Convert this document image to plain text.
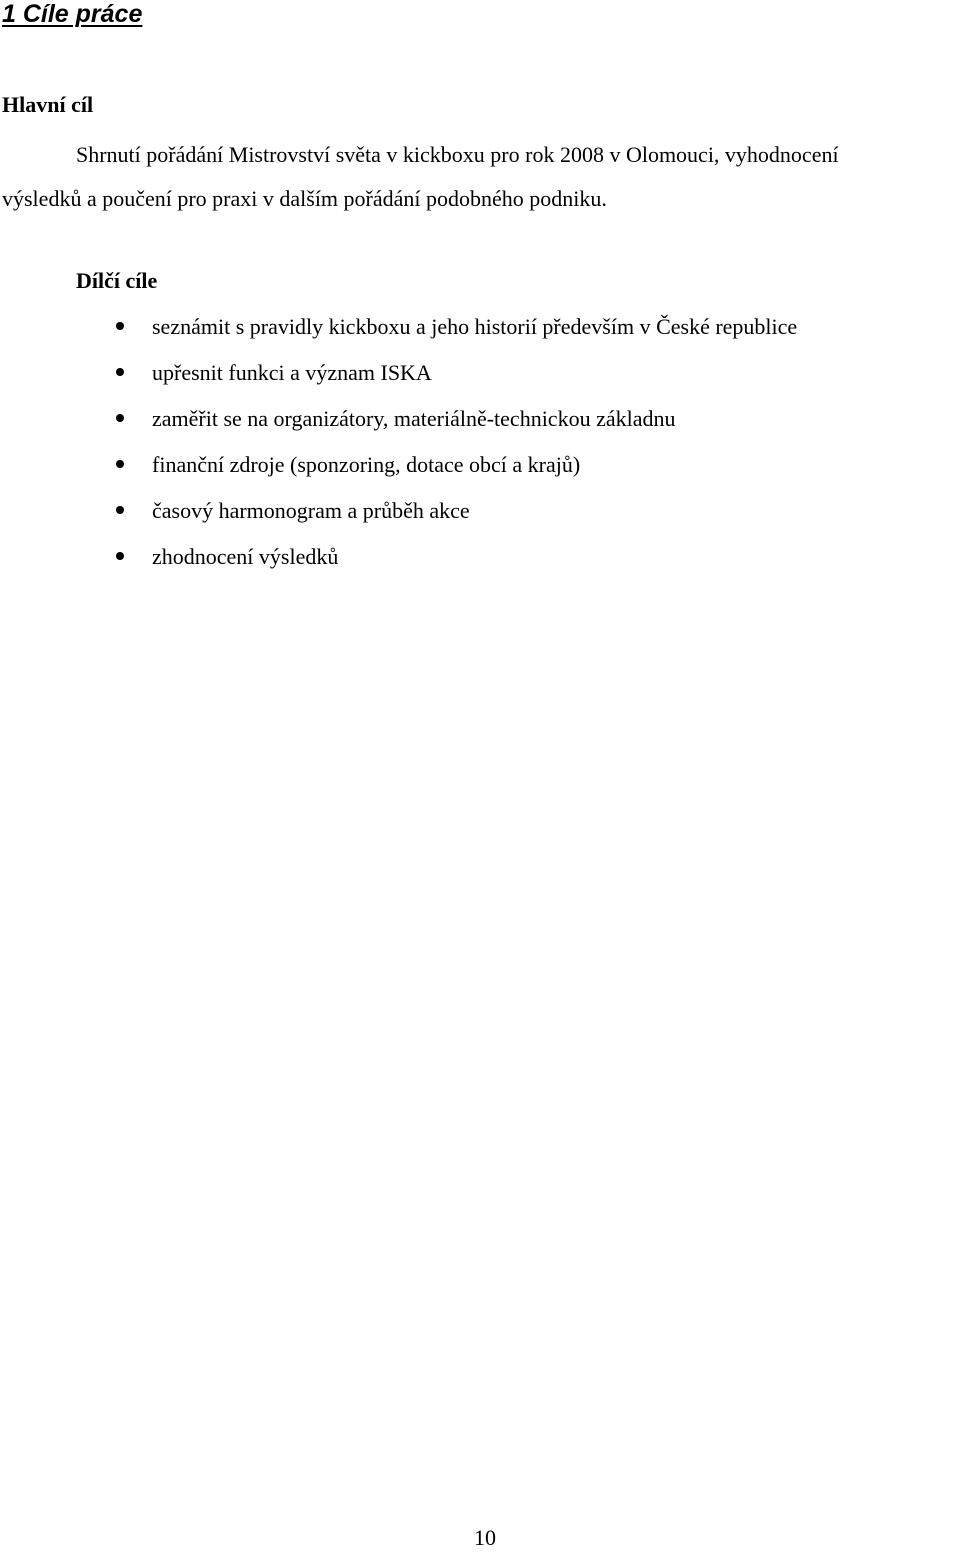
1 Cíle práce
Hlavní cíl

Shrnutí pořádání Mistrovství světa v kickboxu pro rok 2008 v Olomouci, vyhodnocení
výsledků a poučení pro praxi v dalším pořádání podobného podniku.

Dílčí cíle
seznámit s pravidly kickboxu a jeho historií především v České republice
upřesnit funkci a význam ISKA
zaměřit se na organizátory, materiálně-technickou základnu
finanční zdroje (sponzoring, dotace obcí a krajů)
časový harmonogram a průběh akce
zhodnocení výsledků
10
